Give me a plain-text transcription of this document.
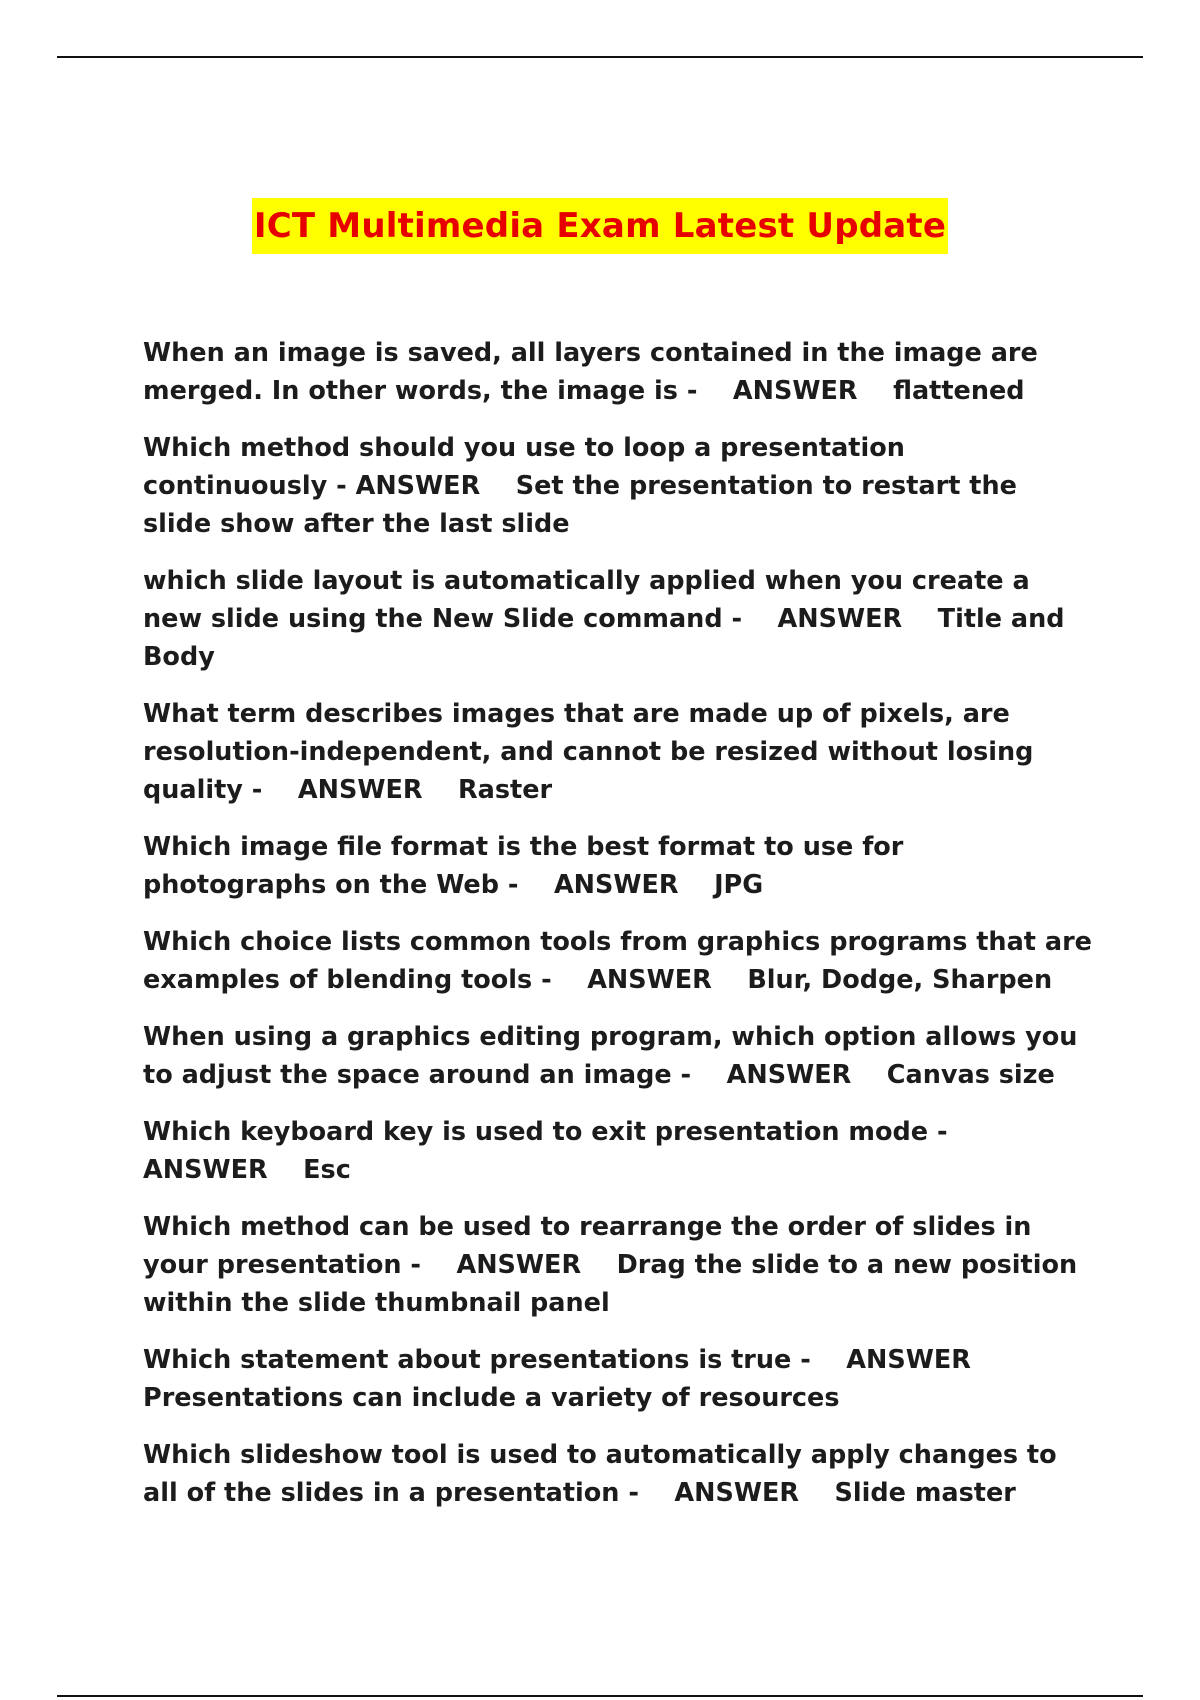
ICT Multimedia Exam Latest Update

When an image is saved, all layers contained in the image are merged. In other words, the image is -    ANSWER    flattened

Which method should you use to loop a presentation continuously - ANSWER    Set the presentation to restart the slide show after the last slide

which slide layout is automatically applied when you create a new slide using the New Slide command -    ANSWER    Title and Body

What term describes images that are made up of pixels, are resolution-independent, and cannot be resized without losing quality -    ANSWER    Raster

Which image file format is the best format to use for photographs on the Web -    ANSWER    JPG

Which choice lists common tools from graphics programs that are examples of blending tools -    ANSWER    Blur, Dodge, Sharpen

When using a graphics editing program, which option allows you to adjust the space around an image -    ANSWER    Canvas size

Which keyboard key is used to exit presentation mode -    ANSWER    Esc

Which method can be used to rearrange the order of slides in your presentation -    ANSWER    Drag the slide to a new position within the slide thumbnail panel

Which statement about presentations is true -    ANSWER    Presentations can include a variety of resources

Which slideshow tool is used to automatically apply changes to all of the slides in a presentation -    ANSWER    Slide master
